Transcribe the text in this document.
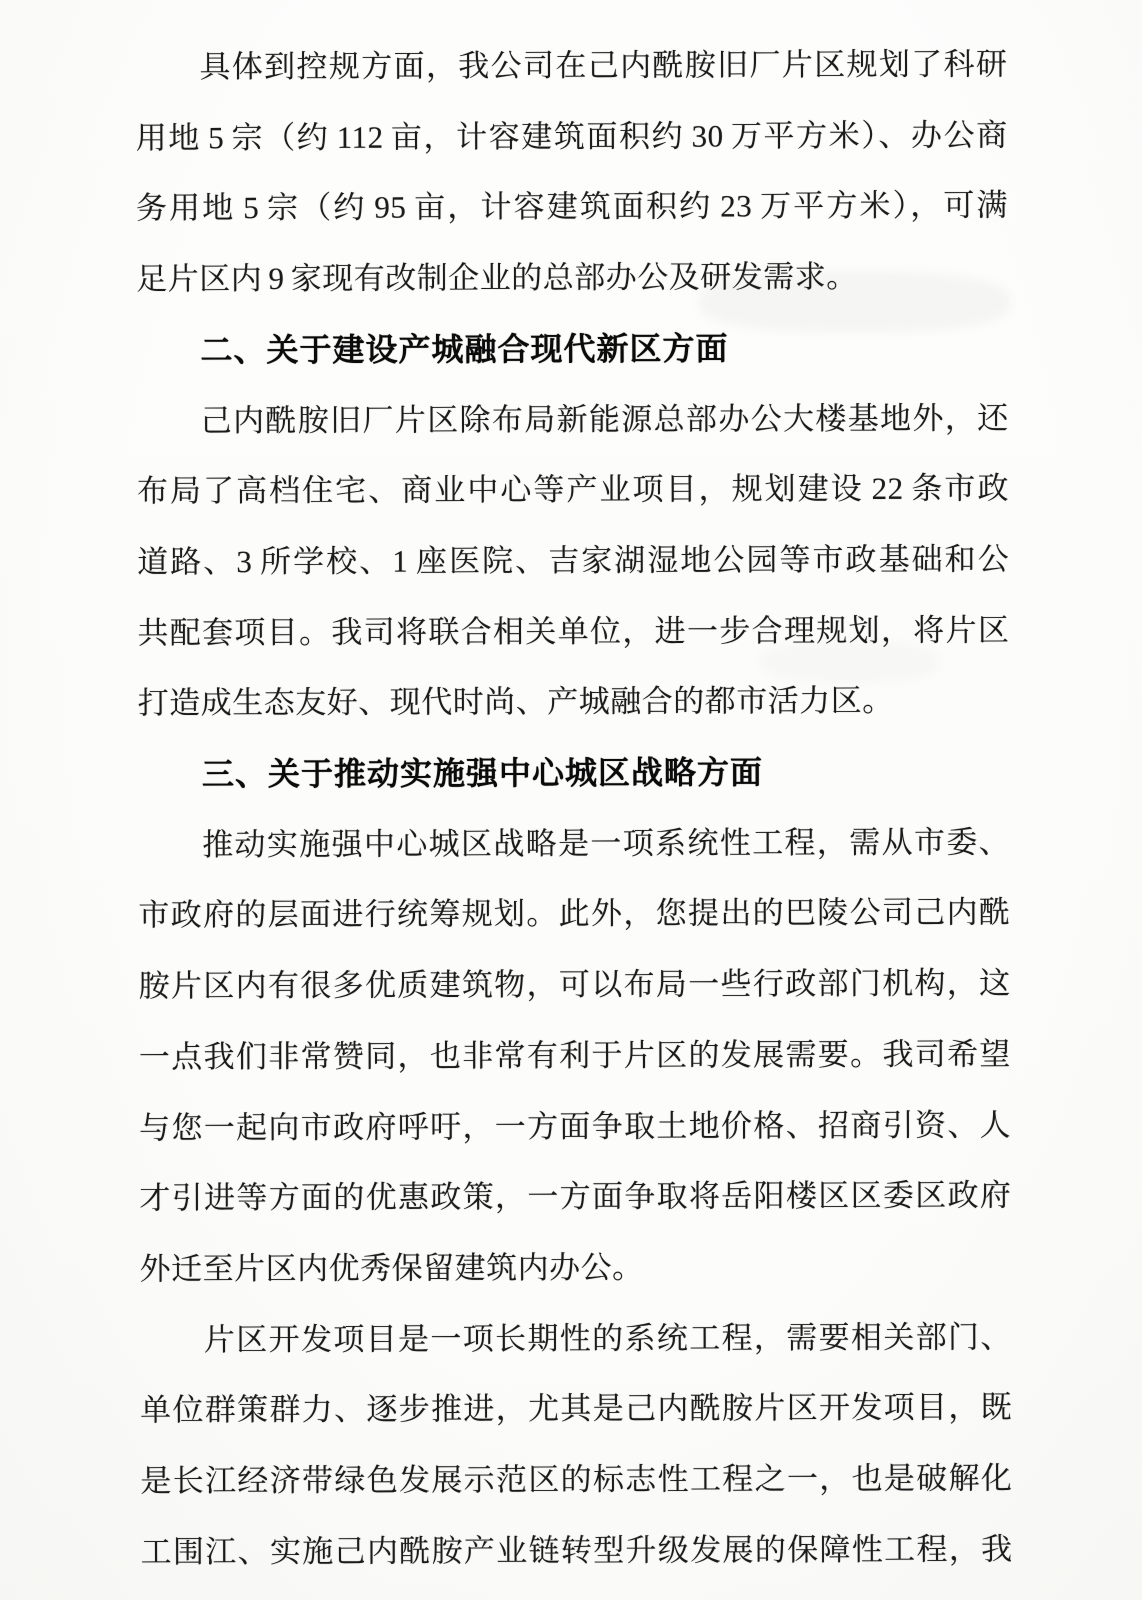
具体到控规方面，我公司在己内酰胺旧厂片区规划了科研
用地 5 宗（约 112 亩，计容建筑面积约 30 万平方米）、办公商
务用地 5 宗（约 95 亩，计容建筑面积约 23 万平方米），可满
足片区内 9 家现有改制企业的总部办公及研发需求。
二、关于建设产城融合现代新区方面
己内酰胺旧厂片区除布局新能源总部办公大楼基地外，还
布局了高档住宅、商业中心等产业项目，规划建设 22 条市政
道路、3 所学校、1 座医院、吉家湖湿地公园等市政基础和公
共配套项目。我司将联合相关单位，进一步合理规划，将片区
打造成生态友好、现代时尚、产城融合的都市活力区。
三、关于推动实施强中心城区战略方面
推动实施强中心城区战略是一项系统性工程，需从市委、
市政府的层面进行统筹规划。此外，您提出的巴陵公司己内酰
胺片区内有很多优质建筑物，可以布局一些行政部门机构，这
一点我们非常赞同，也非常有利于片区的发展需要。我司希望
与您一起向市政府呼吁，一方面争取土地价格、招商引资、人
才引进等方面的优惠政策，一方面争取将岳阳楼区区委区政府
外迁至片区内优秀保留建筑内办公。
片区开发项目是一项长期性的系统工程，需要相关部门、
单位群策群力、逐步推进，尤其是己内酰胺片区开发项目，既
是长江经济带绿色发展示范区的标志性工程之一，也是破解化
工围江、实施己内酰胺产业链转型升级发展的保障性工程，我
